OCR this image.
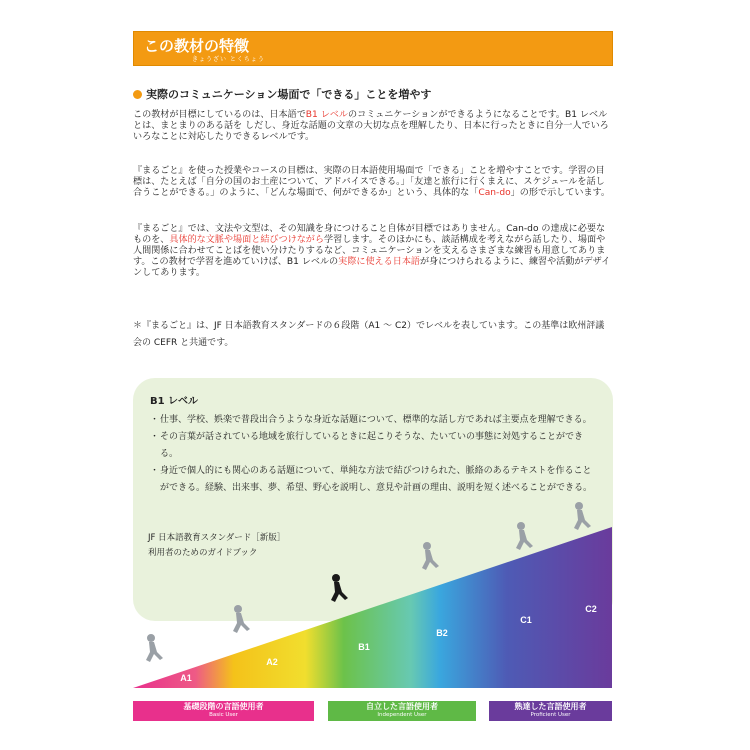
この教材の特徴
きょうざい とくちょう
実際のコミュニケーション場面で「できる」ことを増やす
この教材が目標にしているのは、日本語でB1 レベルのコミュニケーションができるようになることです。B1 レベルとは、まとまりのある話を しだし、身近な話題の文章の大切な点を理解したり、日本に行ったときに自分一人でいろいろなことに対応したりできるレベルです。
『まるごと』を使った授業やコースの目標は、実際の日本語使用場面で「できる」ことを増やすことです。学習の目標は、たとえば「自分の国のお土産について、アドバイスできる。」「友達と旅行に行くまえに、スケジュールを話し合うことができる。」のように、「どんな場面で、何ができるか」という、具体的な「Can-do」の形で示しています。
『まるごと』では、文法や文型は、その知識を身につけること自体が目標ではありません。Can-do の達成に必要なものを、具体的な文脈や場面と結びつけながら学習します。そのほかにも、談話構成を考えながら話したり、場面や人間関係に合わせてことばを使い分けたりするなど、コミュニケーションを支えるさまざまな練習も用意してあります。この教材で学習を進めていけば、B1 レベルの実際に使える日本語が身につけられるように、練習や活動がデザインしてあります。
＊『まるごと』は、JF 日本語教育スタンダードの６段階（A1 ～ C2）でレベルを表しています。この基準は欧州評議会の CEFR と共通です。
B1 レベル
・ 仕事、学校、娯楽で普段出合うような身近な話題について、標準的な話し方であれば主要点を理解できる。
・ その言葉が話されている地域を旅行しているときに起こりそうな、たいていの事態に対処することができる。
・ 身近で個人的にも関心のある話題について、単純な方法で結びつけられた、脈絡のあるテキストを作ることができる。経験、出来事、夢、希望、野心を説明し、意見や計画の理由、説明を短く述べることができる。
JF 日本語教育スタンダード［新版］
利用者のためのガイドブック
A1
A2
B1
B2
C1
C2
基礎段階の言語使用者
Basic User
自立した言語使用者
Independent User
熟達した言語使用者
Proficient User
